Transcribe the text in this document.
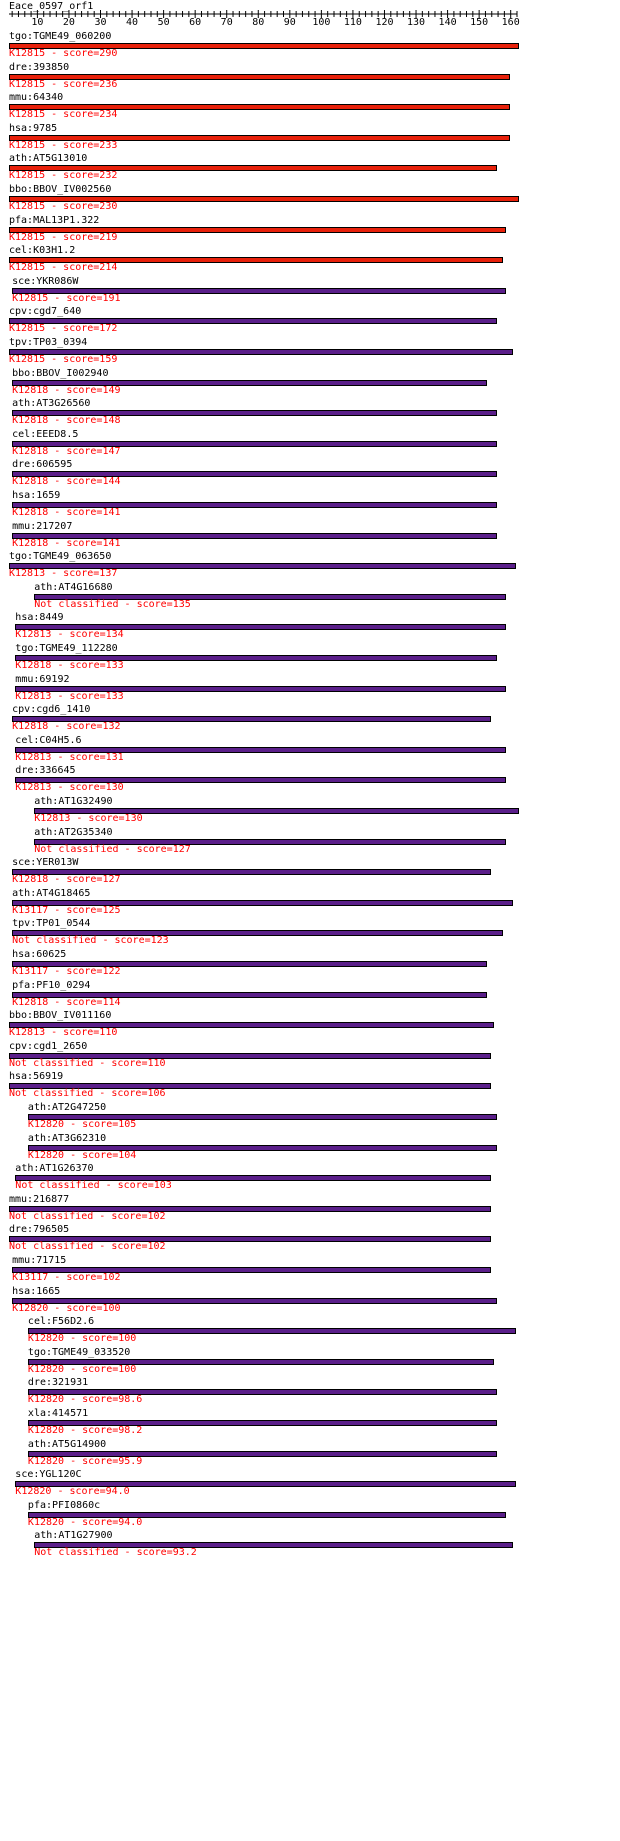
Eace_0597_orf1
10 20 30 40 50 60 70 80 90 100 110 120 130 140 150 160
tgo:TGME49_060200
K12815 - score=290
dre:393850
K12815 - score=236
mmu:64340
K12815 - score=234
hsa:9785
K12815 - score=233
ath:AT5G13010
K12815 - score=232
bbo:BBOV_IV002560
K12815 - score=230
pfa:MAL13P1.322
K12815 - score=219
cel:K03H1.2
K12815 - score=214
sce:YKR086W
K12815 - score=191
cpv:cgd7_640
K12815 - score=172
tpv:TP03_0394
K12815 - score=159
bbo:BBOV_I002940
K12818 - score=149
ath:AT3G26560
K12818 - score=148
cel:EEED8.5
K12818 - score=147
dre:606595
K12818 - score=144
hsa:1659
K12818 - score=141
mmu:217207
K12818 - score=141
tgo:TGME49_063650
K12813 - score=137
ath:AT4G16680
Not classified - score=135
hsa:8449
K12813 - score=134
tgo:TGME49_112280
K12818 - score=133
mmu:69192
K12813 - score=133
cpv:cgd6_1410
K12818 - score=132
cel:C04H5.6
K12813 - score=131
dre:336645
K12813 - score=130
ath:AT1G32490
K12813 - score=130
ath:AT2G35340
Not classified - score=127
sce:YER013W
K12818 - score=127
ath:AT4G18465
K13117 - score=125
tpv:TP01_0544
Not classified - score=123
hsa:60625
K13117 - score=122
pfa:PF10_0294
K12818 - score=114
bbo:BBOV_IV011160
K12813 - score=110
cpv:cgd1_2650
Not classified - score=110
hsa:56919
Not classified - score=106
ath:AT2G47250
K12820 - score=105
ath:AT3G62310
K12820 - score=104
ath:AT1G26370
Not classified - score=103
mmu:216877
Not classified - score=102
dre:796505
Not classified - score=102
mmu:71715
K13117 - score=102
hsa:1665
K12820 - score=100
cel:F56D2.6
K12820 - score=100
tgo:TGME49_033520
K12820 - score=100
dre:321931
K12820 - score=98.6
xla:414571
K12820 - score=98.2
ath:AT5G14900
K12820 - score=95.9
sce:YGL120C
K12820 - score=94.0
pfa:PFI0860c
K12820 - score=94.0
ath:AT1G27900
Not classified - score=93.2
